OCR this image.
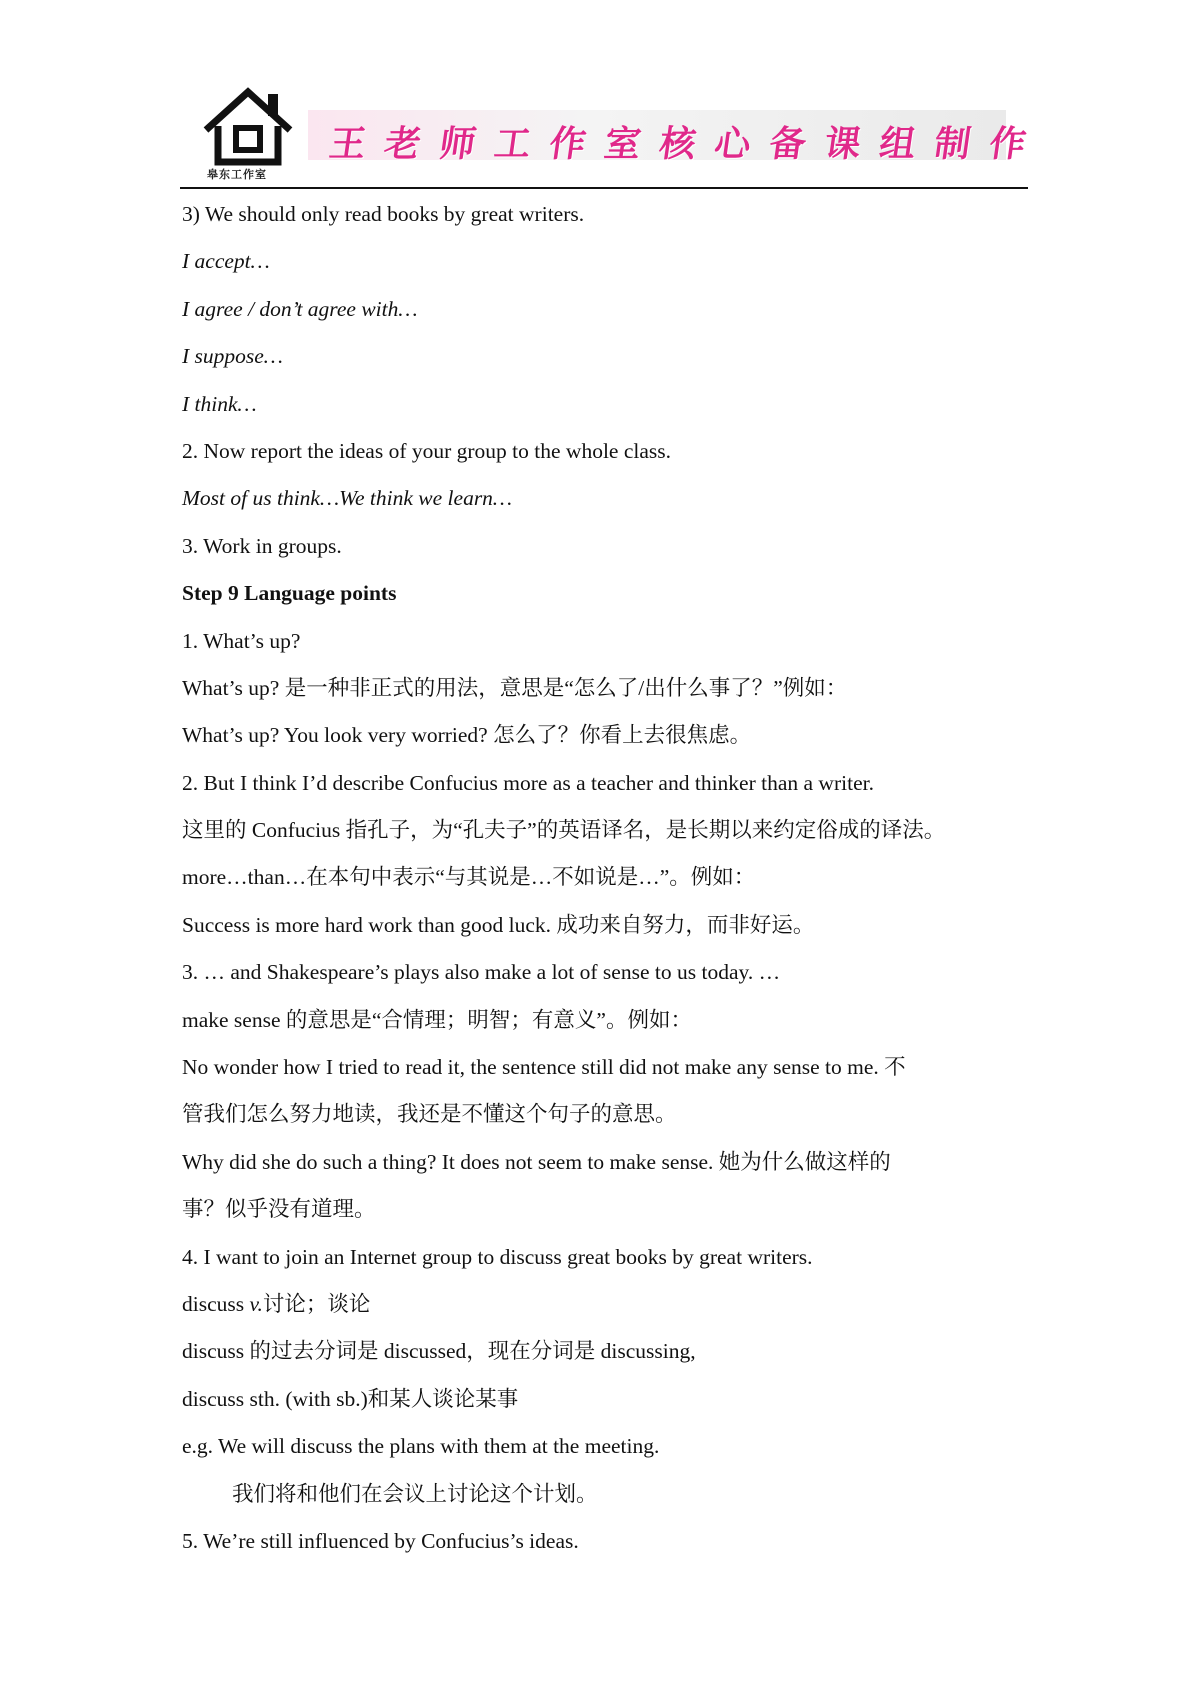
皋东工作室
王老师工作室核心备课组制作

3) We should only read books by great writers.

I accept…

I agree / don’t agree with…

I suppose…

I think…

2. Now report the ideas of your group to the whole class.

Most of us think…We think we learn…

3. Work in groups.

Step 9 Language points

1. What’s up?

What’s up? 是一种非正式的用法，意思是“怎么了/出什么事了？”例如：

What’s up? You look very worried? 怎么了？你看上去很焦虑。

2. But I think I’d describe Confucius more as a teacher and thinker than a writer.

这里的 Confucius 指孔子，为“孔夫子”的英语译名，是长期以来约定俗成的译法。

more…than…在本句中表示“与其说是…不如说是…”。例如：

Success is more hard work than good luck. 成功来自努力，而非好运。

3. … and Shakespeare’s plays also make a lot of sense to us today. …

make sense 的意思是“合情理；明智；有意义”。例如：

No wonder how I tried to read it, the sentence still did not make any sense to me. 不

管我们怎么努力地读，我还是不懂这个句子的意思。

Why did she do such a thing? It does not seem to make sense. 她为什么做这样的

事？似乎没有道理。

4. I want to join an Internet group to discuss great books by great writers.

discuss v.讨论；谈论

discuss 的过去分词是 discussed，现在分词是 discussing,

discuss sth. (with sb.)和某人谈论某事

e.g. We will discuss the plans with them at the meeting.

我们将和他们在会议上讨论这个计划。

5. We’re still influenced by Confucius’s ideas.
